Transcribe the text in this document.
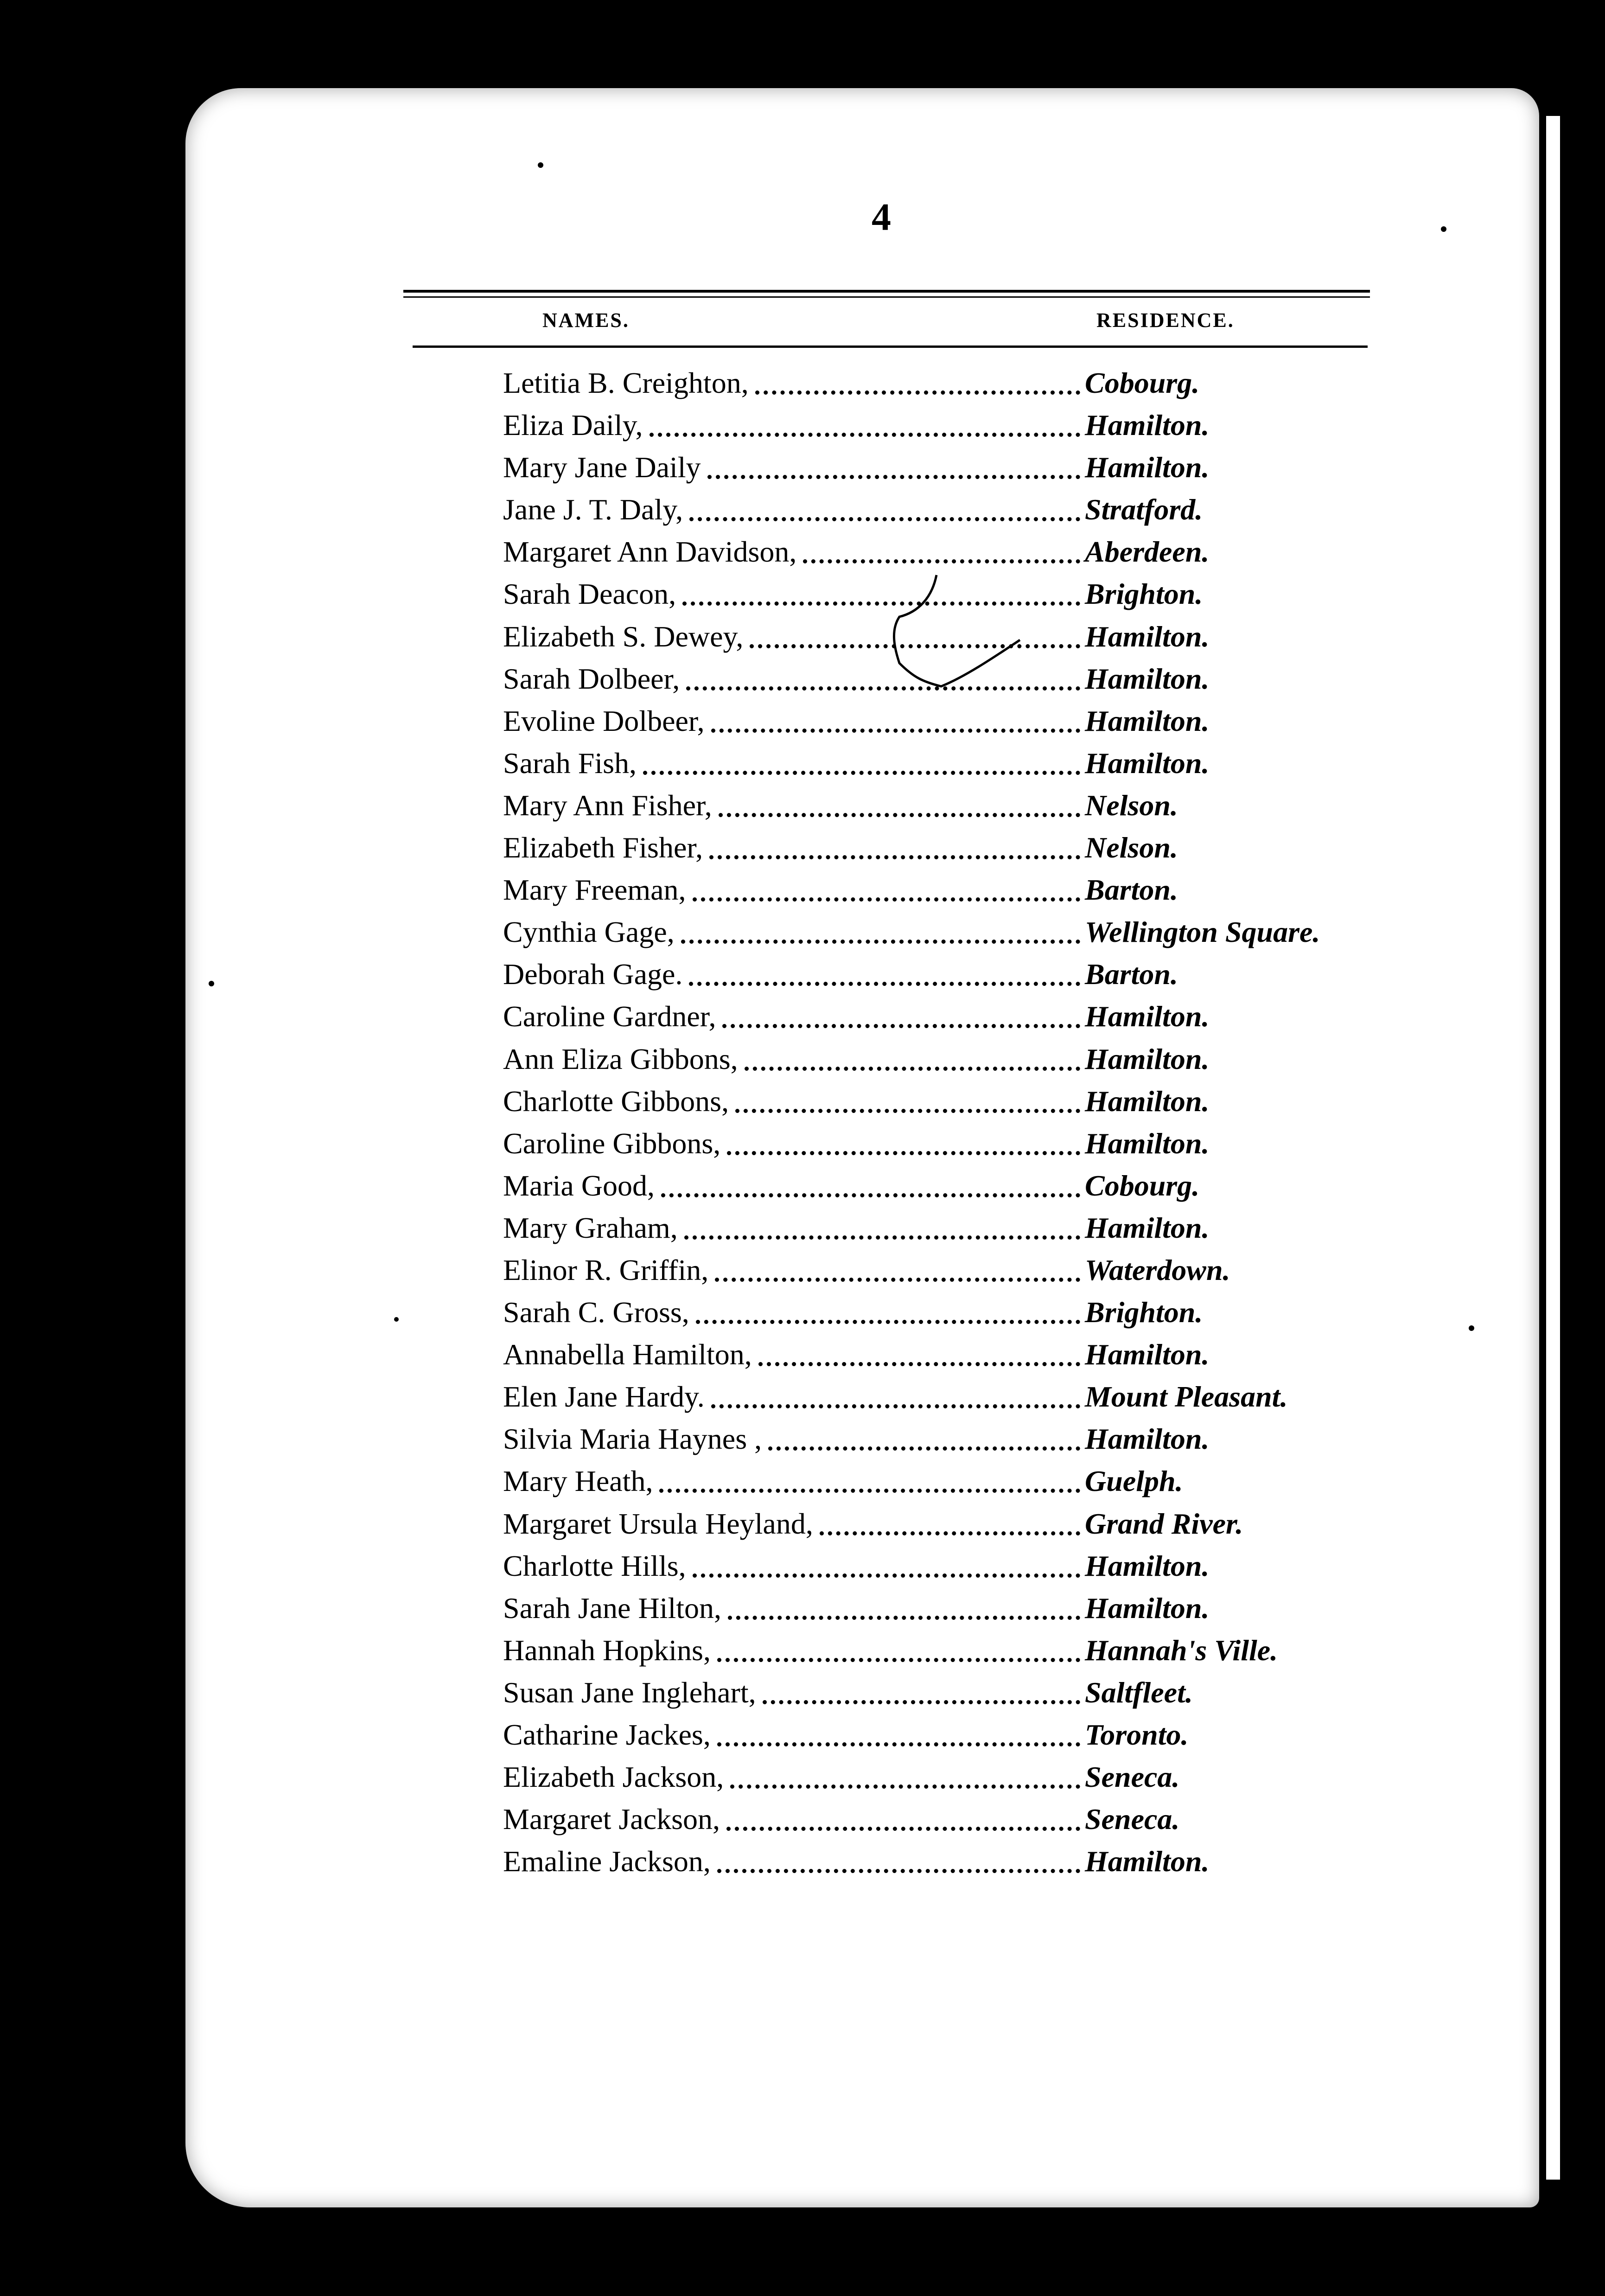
4
NAMES.	RESIDENCE.
Letitia B. Creighton,	Cobourg.
Eliza Daily,	Hamilton.
Mary Jane Daily	Hamilton.
Jane J. T. Daly,	Stratford.
Margaret Ann Davidson,	Aberdeen.
Sarah Deacon,	Brighton.
Elizabeth S. Dewey,	Hamilton.
Sarah Dolbeer,	Hamilton.
Evoline Dolbeer,	Hamilton.
Sarah Fish,	Hamilton.
Mary Ann Fisher,	Nelson.
Elizabeth Fisher,	Nelson.
Mary Freeman,	Barton.
Cynthia Gage,	Wellington Square.
Deborah Gage.	Barton.
Caroline Gardner,	Hamilton.
Ann Eliza Gibbons,	Hamilton.
Charlotte Gibbons,	Hamilton.
Caroline Gibbons,	Hamilton.
Maria Good,	Cobourg.
Mary Graham,	Hamilton.
Elinor R. Griffin,	Waterdown.
Sarah C. Gross,	Brighton.
Annabella Hamilton,	Hamilton.
Elen Jane Hardy.	Mount Pleasant.
Silvia Maria Haynes ,	Hamilton.
Mary Heath,	Guelph.
Margaret Ursula Heyland,	Grand River.
Charlotte Hills,	Hamilton.
Sarah Jane Hilton,	Hamilton.
Hannah Hopkins,	Hannah's Ville.
Susan Jane Inglehart,	Saltfleet.
Catharine Jackes,	Toronto.
Elizabeth Jackson,	Seneca.
Margaret Jackson,	Seneca.
Emaline Jackson,	Hamilton.
